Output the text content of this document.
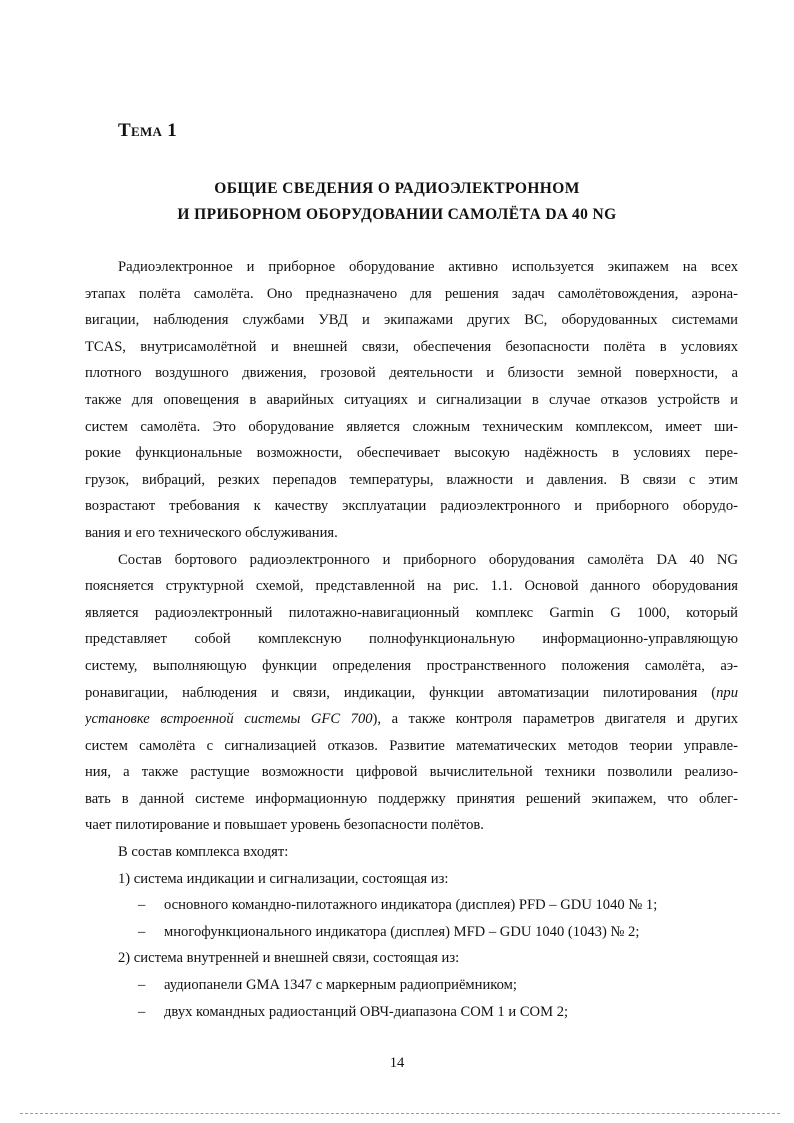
Тема 1
ОБЩИЕ СВЕДЕНИЯ О РАДИОЭЛЕКТРОННОМ
И ПРИБОРНОМ ОБОРУДОВАНИИ САМОЛЁТА DA 40 NG
Радиоэлектронное и приборное оборудование активно используется экипажем на всех
этапах полёта самолёта. Оно предназначено для решения задач самолётовождения, аэрона-
вигации, наблюдения службами УВД и экипажами других ВС, оборудованных системами
TCAS, внутрисамолётной и внешней связи, обеспечения безопасности полёта в условиях
плотного воздушного движения, грозовой деятельности и близости земной поверхности, а
также для оповещения в аварийных ситуациях и сигнализации в случае отказов устройств и
систем самолёта. Это оборудование является сложным техническим комплексом, имеет ши-
рокие функциональные возможности, обеспечивает высокую надёжность в условиях пере-
грузок, вибраций, резких перепадов температуры, влажности и давления. В связи с этим
возрастают требования к качеству эксплуатации радиоэлектронного и приборного оборудо-
вания и его технического обслуживания.
Состав бортового радиоэлектронного и приборного оборудования самолёта DA 40 NG
поясняется структурной схемой, представленной на рис. 1.1. Основой данного оборудования
является радиоэлектронный пилотажно-навигационный комплекс Garmin G 1000, который
представляет собой комплексную полнофункциональную информационно-управляющую
систему, выполняющую функции определения пространственного положения самолёта, аэ-
ронавигации, наблюдения и связи, индикации, функции автоматизации пилотирования (при
установке встроенной системы GFC 700), а также контроля параметров двигателя и других
систем самолёта с сигнализацией отказов. Развитие математических методов теории управле-
ния, а также растущие возможности цифровой вычислительной техники позволили реализо-
вать в данной системе информационную поддержку принятия решений экипажем, что облег-
чает пилотирование и повышает уровень безопасности полётов.
В состав комплекса входят:
1) система индикации и сигнализации, состоящая из:
– основного командно-пилотажного индикатора (дисплея) PFD – GDU 1040 № 1;
– многофункционального индикатора (дисплея) MFD – GDU 1040 (1043) № 2;
2) система внутренней и внешней связи, состоящая из:
– аудиопанели GMA 1347 с маркерным радиоприёмником;
– двух командных радиостанций ОВЧ-диапазона COM 1 и COM 2;
14
